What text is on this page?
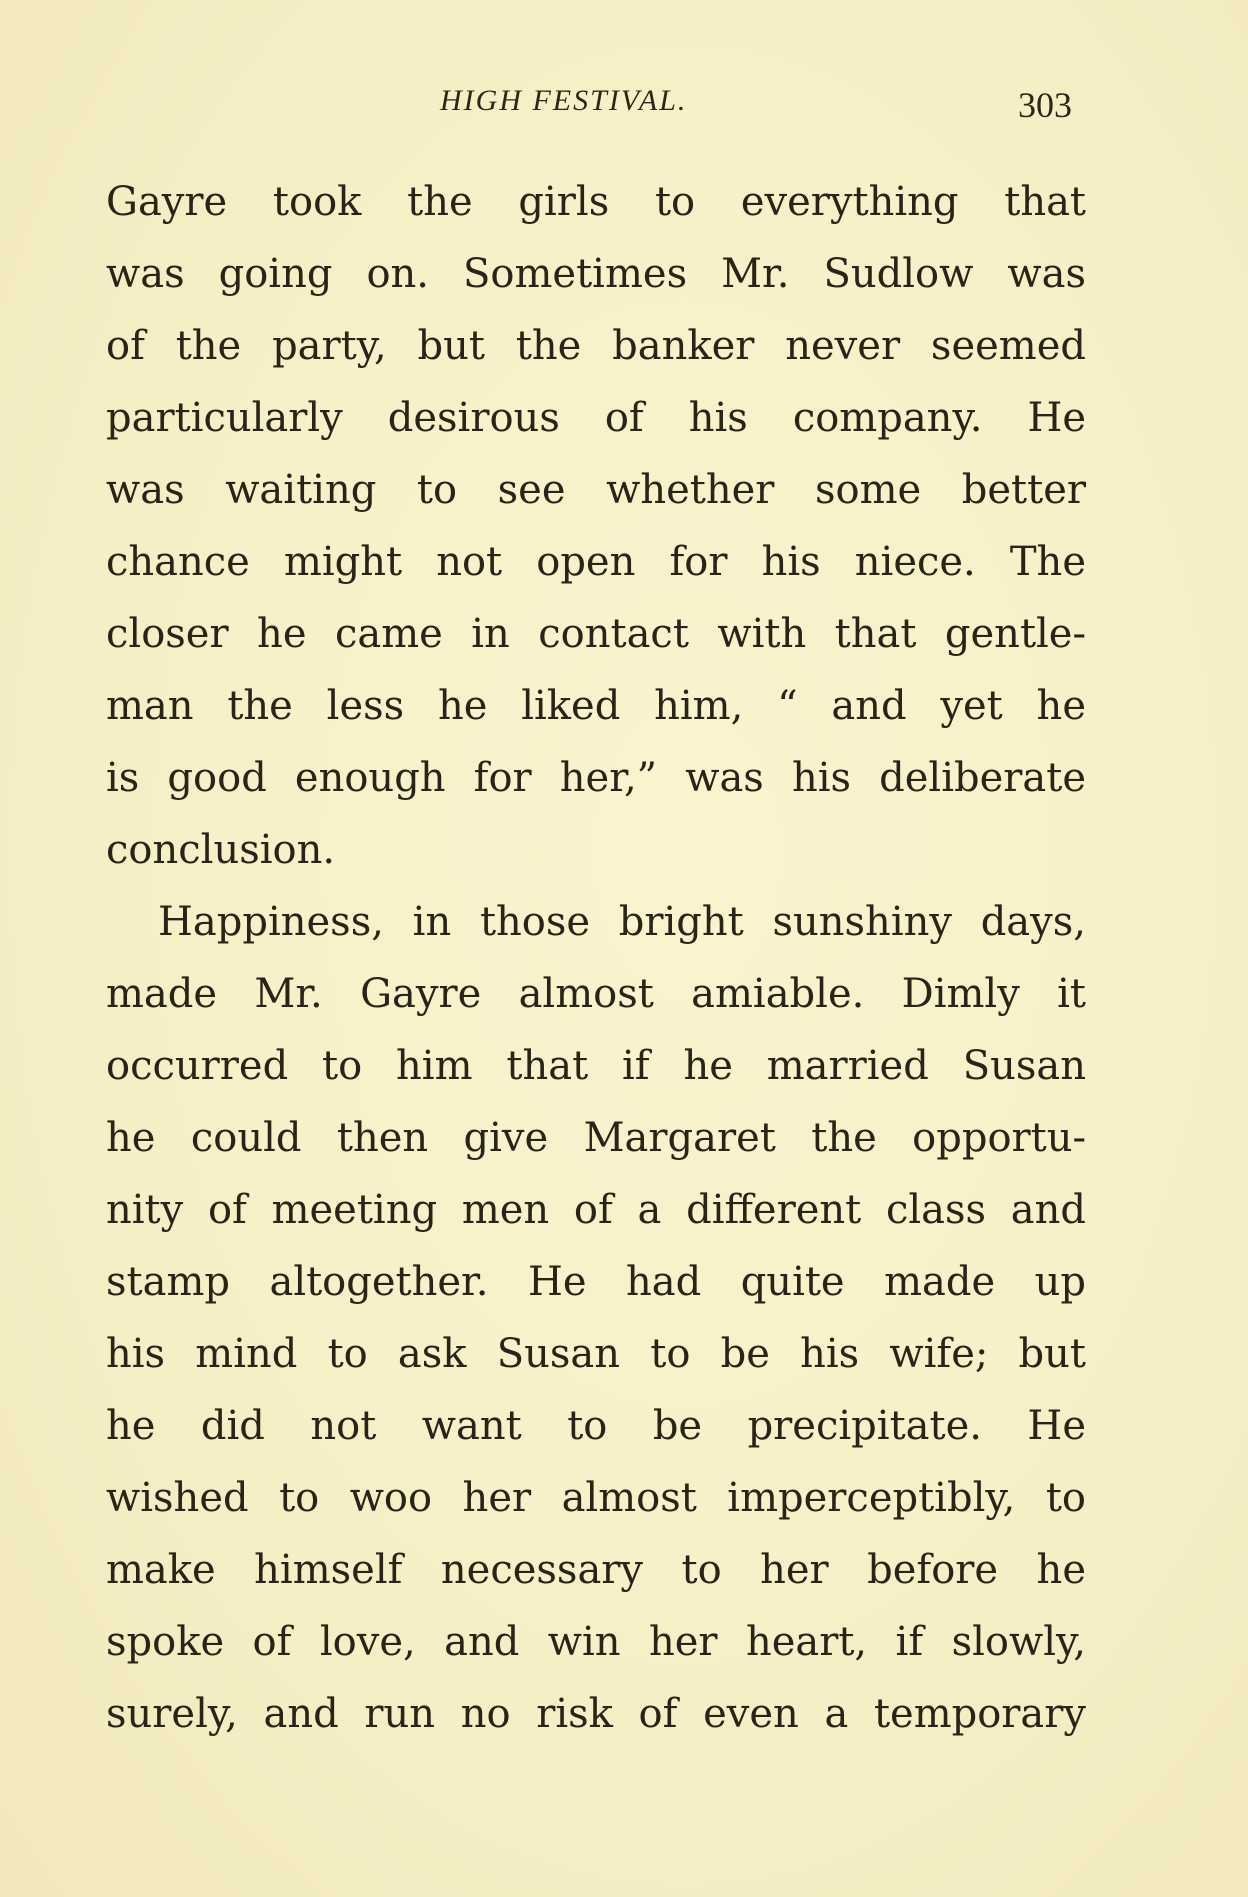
HIGH FESTIVAL.	303
Gayre took the girls to everything that
was going on. Sometimes Mr. Sudlow was
of the party, but the banker never seemed
particularly desirous of his company. He
was waiting to see whether some better
chance might not open for his niece. The
closer he came in contact with that gentle-
man the less he liked him, “ and yet he
is good enough for her,” was his deliberate
conclusion.
Happiness, in those bright sunshiny days,
made Mr. Gayre almost amiable. Dimly it
occurred to him that if he married Susan
he could then give Margaret the opportu-
nity of meeting men of a different class and
stamp altogether. He had quite made up
his mind to ask Susan to be his wife; but
he did not want to be precipitate. He
wished to woo her almost imperceptibly, to
make himself necessary to her before he
spoke of love, and win her heart, if slowly,
surely, and run no risk of even a temporary
